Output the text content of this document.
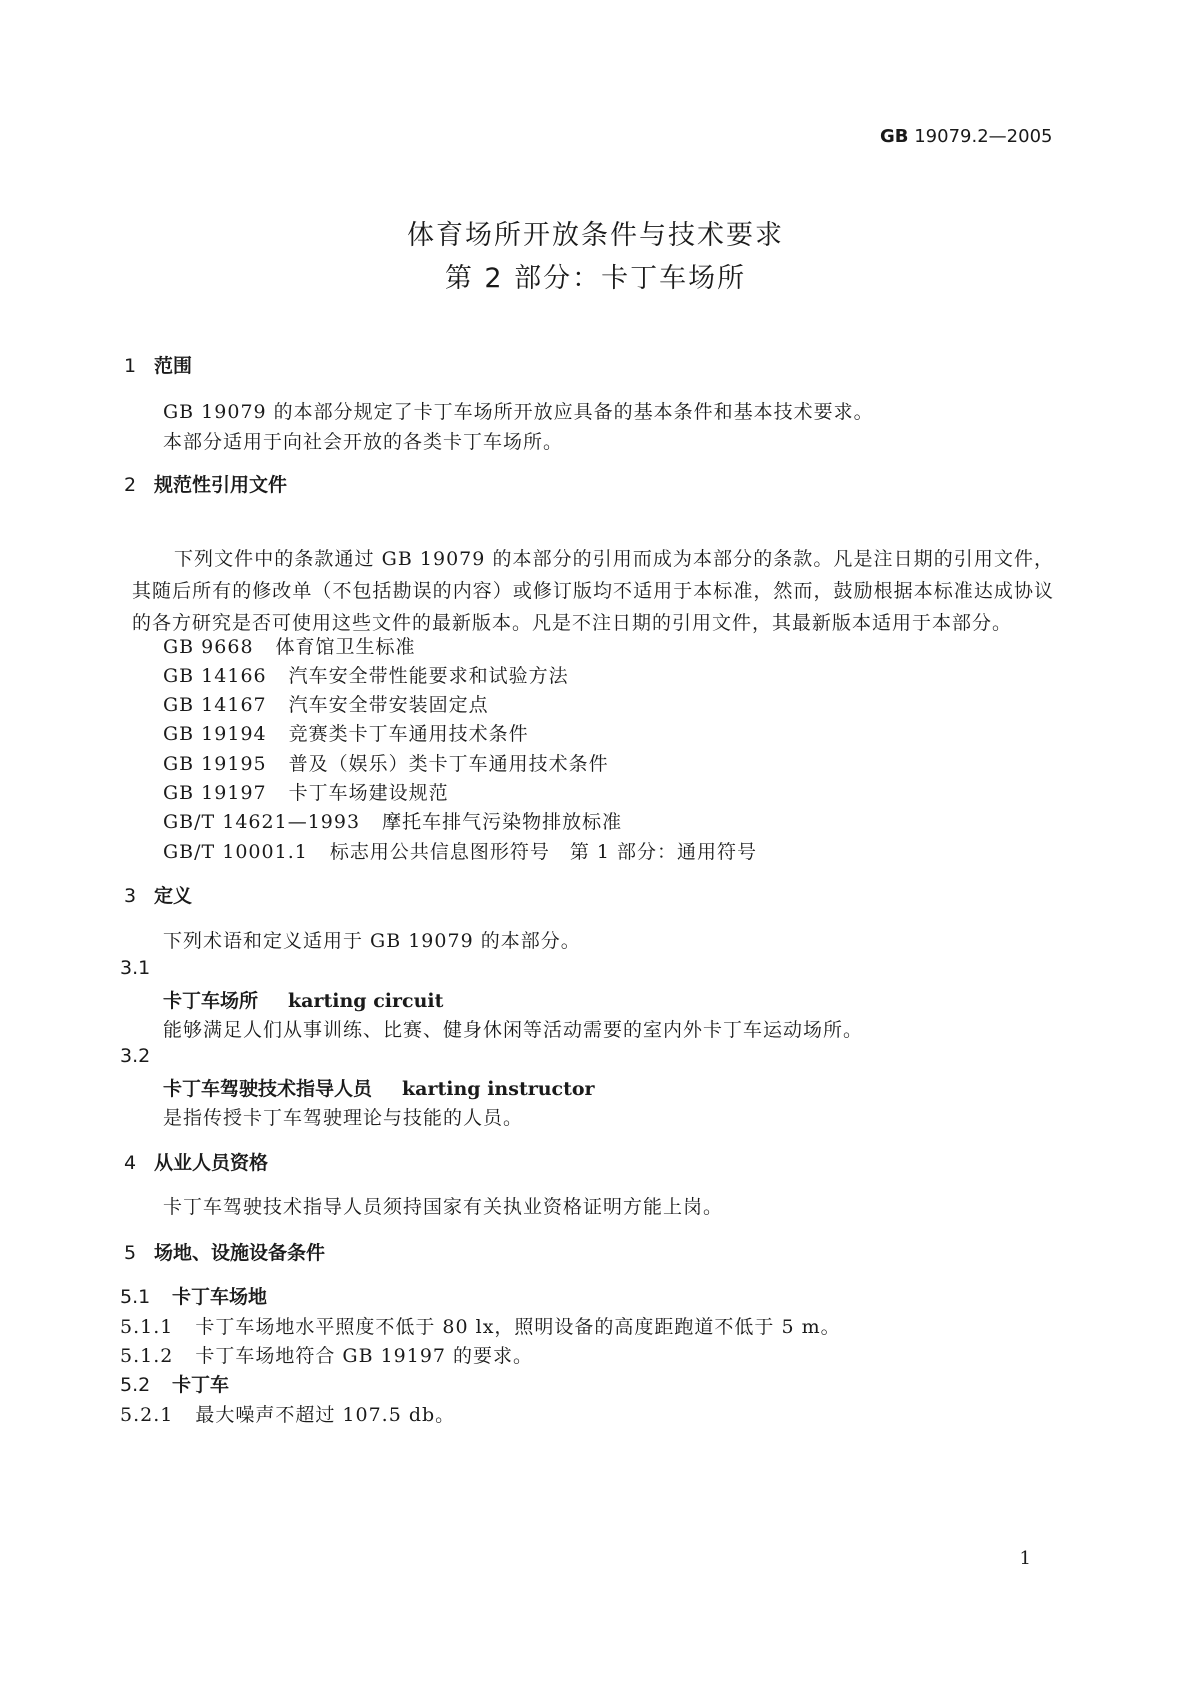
GB 19079.2—2005
体育场所开放条件与技术要求
第 2 部分：卡丁车场所
1 范围
GB 19079 的本部分规定了卡丁车场所开放应具备的基本条件和基本技术要求。
本部分适用于向社会开放的各类卡丁车场所。
2 规范性引用文件
下列文件中的条款通过 GB 19079 的本部分的引用而成为本部分的条款。凡是注日期的引用文件，其随后所有的修改单（不包括勘误的内容）或修订版均不适用于本标准，然而，鼓励根据本标准达成协议的各方研究是否可使用这些文件的最新版本。凡是不注日期的引用文件，其最新版本适用于本部分。
GB 9668 体育馆卫生标准
GB 14166 汽车安全带性能要求和试验方法
GB 14167 汽车安全带安装固定点
GB 19194 竞赛类卡丁车通用技术条件
GB 19195 普及（娱乐）类卡丁车通用技术条件
GB 19197 卡丁车场建设规范
GB/T 14621—1993 摩托车排气污染物排放标准
GB/T 10001.1 标志用公共信息图形符号　第 1 部分：通用符号
3 定义
下列术语和定义适用于 GB 19079 的本部分。
3.1
卡丁车场所 karting circuit
能够满足人们从事训练、比赛、健身休闲等活动需要的室内外卡丁车运动场所。
3.2
卡丁车驾驶技术指导人员 karting instructor
是指传授卡丁车驾驶理论与技能的人员。
4 从业人员资格
卡丁车驾驶技术指导人员须持国家有关执业资格证明方能上岗。
5 场地、设施设备条件
5.1 卡丁车场地
5.1.1 卡丁车场地水平照度不低于 80 lx，照明设备的高度距跑道不低于 5 m。
5.1.2 卡丁车场地符合 GB 19197 的要求。
5.2 卡丁车
5.2.1 最大噪声不超过 107.5 db。
1
